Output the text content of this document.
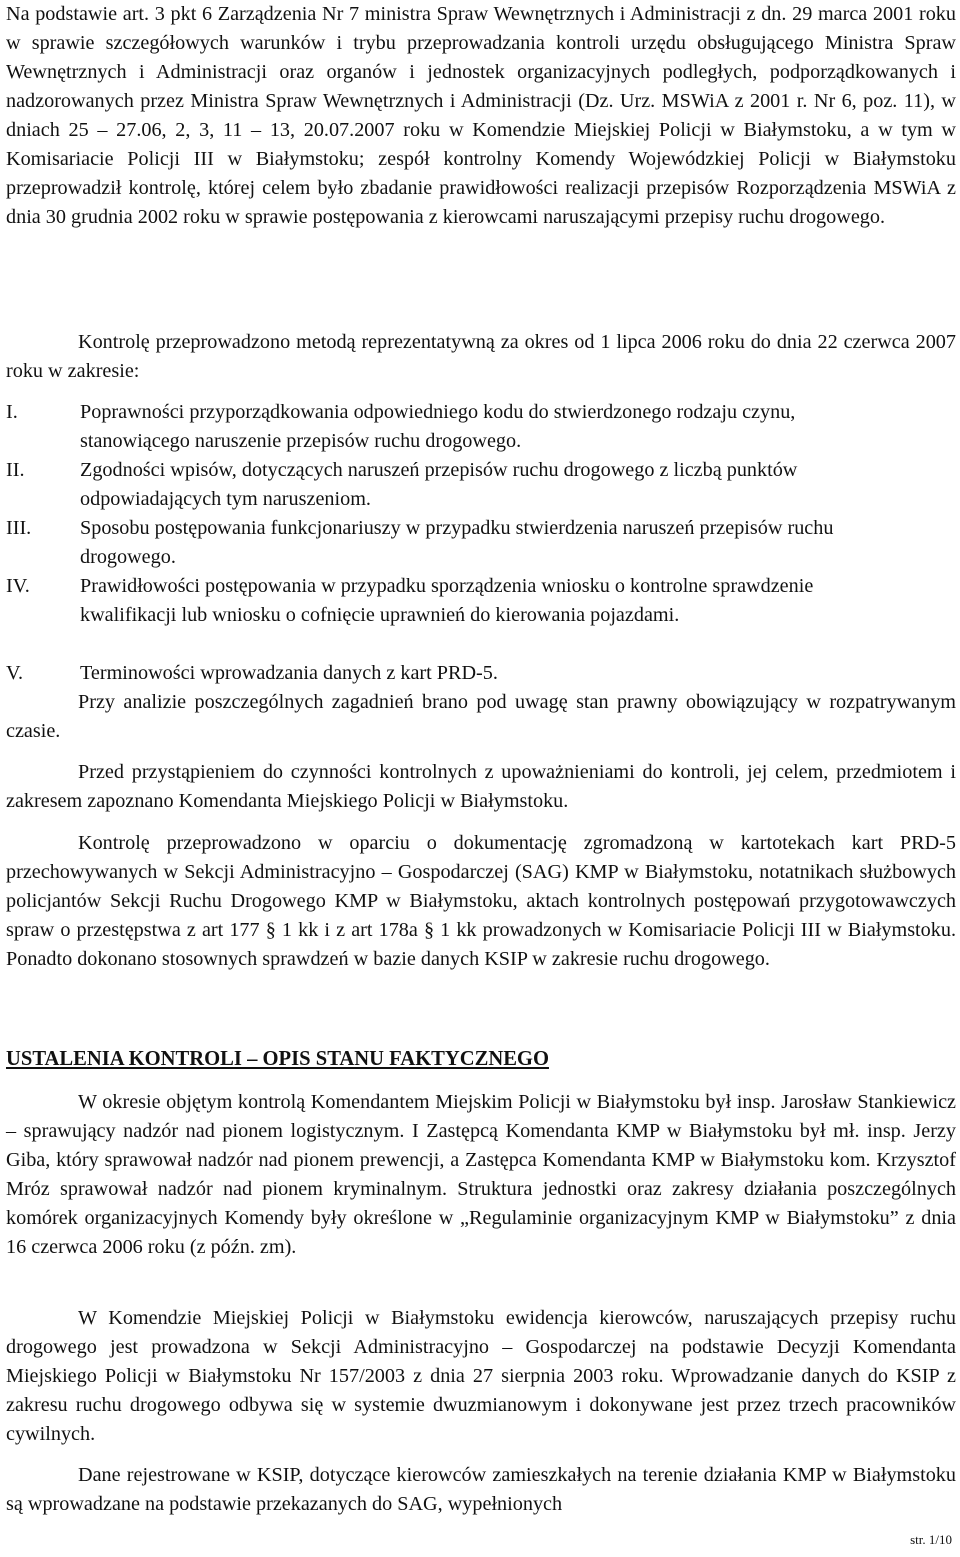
Na podstawie art. 3 pkt 6 Zarządzenia Nr 7 ministra Spraw Wewnętrznych i Administracji z dn. 29 marca 2001 roku w sprawie szczegółowych warunków i trybu przeprowadzania kontroli urzędu obsługującego Ministra Spraw Wewnętrznych i Administracji oraz organów i jednostek organizacyjnych podległych, podporządkowanych i nadzorowanych przez Ministra Spraw Wewnętrznych i Administracji (Dz. Urz. MSWiA z 2001 r. Nr 6, poz. 11), w dniach 25 – 27.06, 2, 3, 11 – 13, 20.07.2007 roku w Komendzie Miejskiej Policji w Białymstoku, a w tym w Komisariacie Policji III w Białymstoku; zespół kontrolny Komendy Wojewódzkiej Policji w Białymstoku przeprowadził kontrolę, której celem było zbadanie prawidłowości realizacji przepisów Rozporządzenia MSWiA z dnia 30 grudnia 2002 roku w sprawie postępowania z kierowcami naruszającymi przepisy ruchu drogowego.

Kontrolę przeprowadzono metodą reprezentatywną za okres od 1 lipca 2006 roku do dnia 22 czerwca 2007 roku w zakresie:

I.	Poprawności przyporządkowania odpowiedniego kodu do stwierdzonego rodzaju czynu, stanowiącego naruszenie przepisów ruchu drogowego.
II.	Zgodności wpisów, dotyczących naruszeń przepisów ruchu drogowego z liczbą punktów odpowiadających tym naruszeniom.
III. Sposobu postępowania funkcjonariuszy w przypadku stwierdzenia naruszeń przepisów ruchu drogowego.
IV. Prawidłowości postępowania w przypadku sporządzenia wniosku o kontrolne sprawdzenie kwalifikacji lub wniosku o cofnięcie uprawnień do kierowania pojazdami.
V.	Terminowości wprowadzania danych z kart PRD-5.

Przy analizie poszczególnych zagadnień brano pod uwagę stan prawny obowiązujący w rozpatrywanym czasie.

Przed przystąpieniem do czynności kontrolnych z upoważnieniami do kontroli, jej celem, przedmiotem i zakresem zapoznano Komendanta Miejskiego Policji w Białymstoku.

Kontrolę przeprowadzono w oparciu o dokumentację zgromadzoną w kartotekach kart PRD-5 przechowywanych w Sekcji Administracyjno – Gospodarczej (SAG) KMP w Białymstoku, notatnikach służbowych policjantów Sekcji Ruchu Drogowego KMP w Białymstoku, aktach kontrolnych postępowań przygotowawczych spraw o przestępstwa z art 177 § 1 kk i z art 178a § 1 kk prowadzonych w Komisariacie Policji III w Białymstoku. Ponadto dokonano stosownych sprawdzeń w bazie danych KSIP w zakresie ruchu drogowego.

USTALENIA KONTROLI – OPIS STANU FAKTYCZNEGO

W okresie objętym kontrolą Komendantem Miejskim Policji w Białymstoku był insp. Jarosław Stankiewicz – sprawujący nadzór nad pionem logistycznym. I Zastępcą Komendanta KMP w Białymstoku był mł. insp. Jerzy Giba, który sprawował nadzór nad pionem prewencji, a Zastępca Komendanta KMP w Białymstoku kom. Krzysztof Mróz sprawował nadzór nad pionem kryminalnym. Struktura jednostki oraz zakresy działania poszczególnych komórek organizacyjnych Komendy były określone w „Regulaminie organizacyjnym KMP w Białymstoku” z dnia 16 czerwca 2006 roku (z późn. zm).

W Komendzie Miejskiej Policji w Białymstoku ewidencja kierowców, naruszających przepisy ruchu drogowego jest prowadzona w Sekcji Administracyjno – Gospodarczej na podstawie Decyzji Komendanta Miejskiego Policji w Białymstoku Nr 157/2003 z dnia 27 sierpnia 2003 roku. Wprowadzanie danych do KSIP z zakresu ruchu drogowego odbywa się w systemie dwuzmianowym i dokonywane jest przez trzech pracowników cywilnych.

Dane rejestrowane w KSIP, dotyczące kierowców zamieszkałych na terenie działania KMP w Białymstoku są wprowadzane na podstawie przekazanych do SAG, wypełnionych

str. 1/10
